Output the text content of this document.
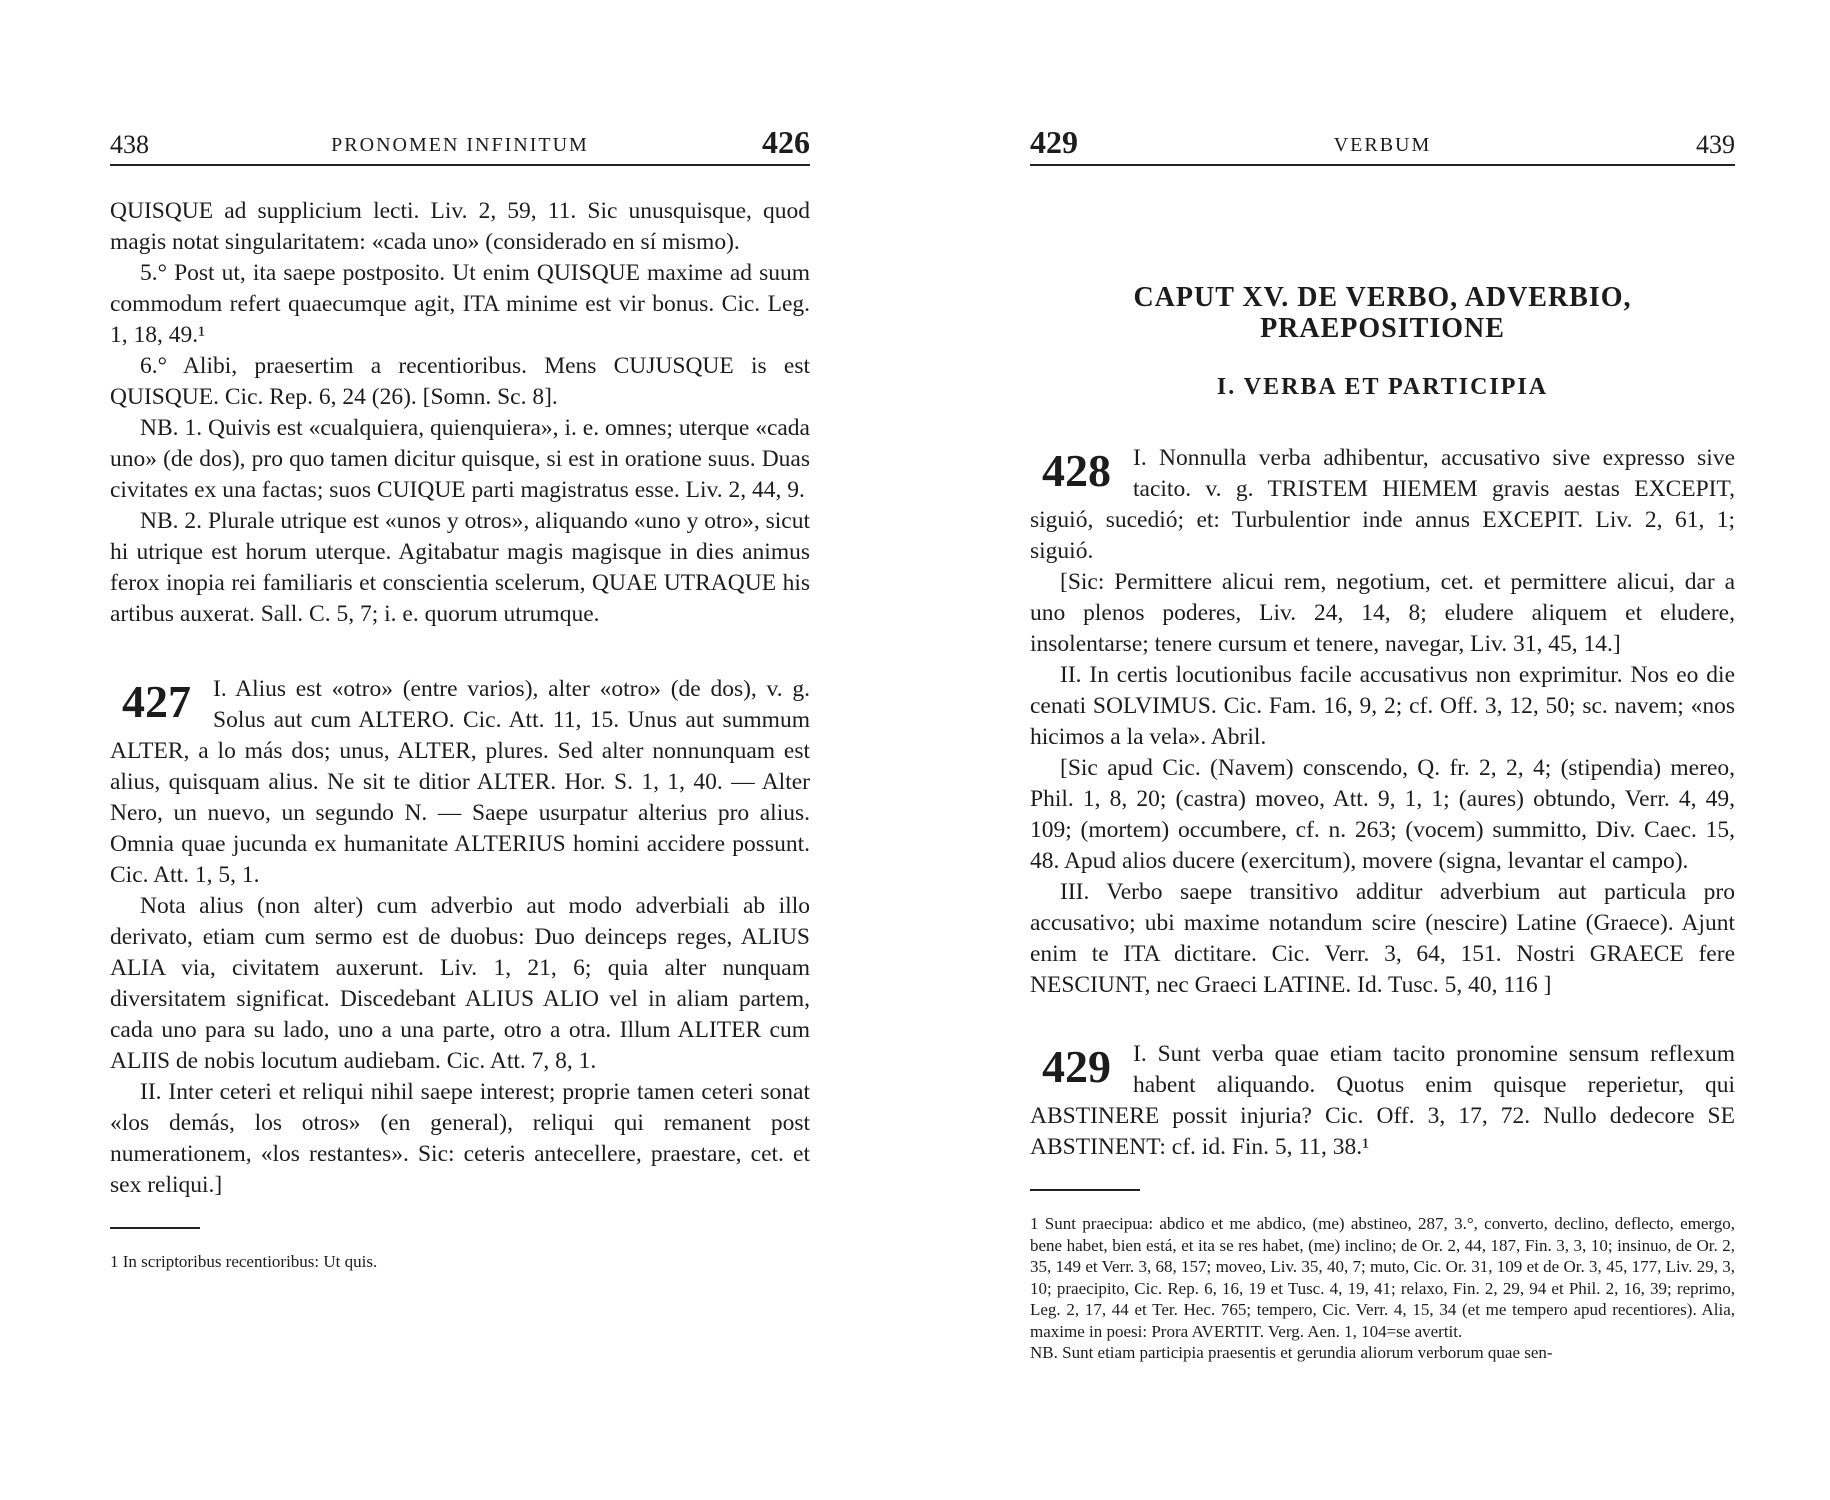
438	PRONOMEN INFINITUM	426

QUISQUE ad supplicium lecti. Liv. 2, 59, 11. Sic unusquisque, quod magis notat singularitatem: «cada uno» (considerado en sí mismo).

5.° Post ut, ita saepe postposito. Ut enim QUISQUE maxime ad suum commodum refert quaecumque agit, ITA minime est vir bonus. Cic. Leg. 1, 18, 49.¹

6.° Alibi, praesertim a recentioribus. Mens CUJUSQUE is est QUISQUE. Cic. Rep. 6, 24 (26). [Somn. Sc. 8].

NB. 1. Quivis est «cualquiera, quienquiera», i. e. omnes; uterque «cada uno» (de dos), pro quo tamen dicitur quisque, si est in oratione suus. Duas civitates ex una factas; suos CUIQUE parti magistratus esse. Liv. 2, 44, 9.

NB. 2. Plurale utrique est «unos y otros», aliquando «uno y otro», sicut hi utrique est horum uterque. Agitabatur magis magisque in dies animus ferox inopia rei familiaris et conscientia scelerum, QUAE UTRAQUE his artibus auxerat. Sall. C. 5, 7; i. e. quorum utrumque.

427 I. Alius est «otro» (entre varios), alter «otro» (de dos), v. g. Solus aut cum ALTERO. Cic. Att. 11, 15. Unus aut summum ALTER, a lo más dos; unus, ALTER, plures. Sed alter nonnunquam est alius, quisquam alius. Ne sit te ditior ALTER. Hor. S. 1, 1, 40. — Alter Nero, un nuevo, un segundo N. — Saepe usurpatur alterius pro alius. Omnia quae jucunda ex humanitate ALTERIUS homini accidere possunt. Cic. Att. 1, 5, 1.

Nota alius (non alter) cum adverbio aut modo adverbiali ab illo derivato, etiam cum sermo est de duobus: Duo deinceps reges, ALIUS ALIA via, civitatem auxerunt. Liv. 1, 21, 6; quia alter nunquam diversitatem significat. Discedebant ALIUS ALIO vel in aliam partem, cada uno para su lado, uno a una parte, otro a otra. Illum ALITER cum ALIIS de nobis locutum audiebam. Cic. Att. 7, 8, 1.

II. Inter ceteri et reliqui nihil saepe interest; proprie tamen ceteri sonat «los demás, los otros» (en general), reliqui qui remanent post numerationem, «los restantes». Sic: ceteris antecellere, praestare, cet. et sex reliqui.]

1 In scriptoribus recentioribus: Ut quis.

429	VERBUM	439
CAPUT XV. DE VERBO, ADVERBIO, PRAEPOSITIONE
I. VERBA ET PARTICIPIA
428 I. Nonnulla verba adhibentur, accusativo sive expresso sive tacito. v. g. TRISTEM HIEMEM gravis aestas EXCEPIT, siguió, sucedió; et: Turbulentior inde annus EXCEPIT. Liv. 2, 61, 1; siguió.

[Sic: Permittere alicui rem, negotium, cet. et permittere alicui, dar a uno plenos poderes, Liv. 24, 14, 8; eludere aliquem et eludere, insolentarse; tenere cursum et tenere, navegar, Liv. 31, 45, 14.]

II. In certis locutionibus facile accusativus non exprimitur. Nos eo die cenati SOLVIMUS. Cic. Fam. 16, 9, 2; cf. Off. 3, 12, 50; sc. navem; «nos hicimos a la vela». Abril.

[Sic apud Cic. (Navem) conscendo, Q. fr. 2, 2, 4; (stipendia) mereo, Phil. 1, 8, 20; (castra) moveo, Att. 9, 1, 1; (aures) obtundo, Verr. 4, 49, 109; (mortem) occumbere, cf. n. 263; (vocem) summitto, Div. Caec. 15, 48. Apud alios ducere (exercitum), movere (signa, levantar el campo).

III. Verbo saepe transitivo additur adverbium aut particula pro accusativo; ubi maxime notandum scire (nescire) Latine (Graece). Ajunt enim te ITA dictitare. Cic. Verr. 3, 64, 151. Nostri GRAECE fere NESCIUNT, nec Graeci LATINE. Id. Tusc. 5, 40, 116 ]

429 I. Sunt verba quae etiam tacito pronomine sensum reflexum habent aliquando. Quotus enim quisque reperietur, qui ABSTINERE possit injuria? Cic. Off. 3, 17, 72. Nullo dedecore SE ABSTINENT: cf. id. Fin. 5, 11, 38.¹

1 Sunt praecipua: abdico et me abdico, (me) abstineo, 287, 3.°, converto, declino, deflecto, emergo, bene habet, bien está, et ita se res habet, (me) inclino; de Or. 2, 44, 187, Fin. 3, 3, 10; insinuo, de Or. 2, 35, 149 et Verr. 3, 68, 157; moveo, Liv. 35, 40, 7; muto, Cic. Or. 31, 109 et de Or. 3, 45, 177, Liv. 29, 3, 10; praecipito, Cic. Rep. 6, 16, 19 et Tusc. 4, 19, 41; relaxo, Fin. 2, 29, 94 et Phil. 2, 16, 39; reprimo, Leg. 2, 17, 44 et Ter. Hec. 765; tempero, Cic. Verr. 4, 15, 34 (et me tempero apud recentiores). Alia, maxime in poesi: Prora AVERTIT. Verg. Aen. 1, 104=se avertit.

NB. Sunt etiam participia praesentis et gerundia aliorum verborum quae sen-
